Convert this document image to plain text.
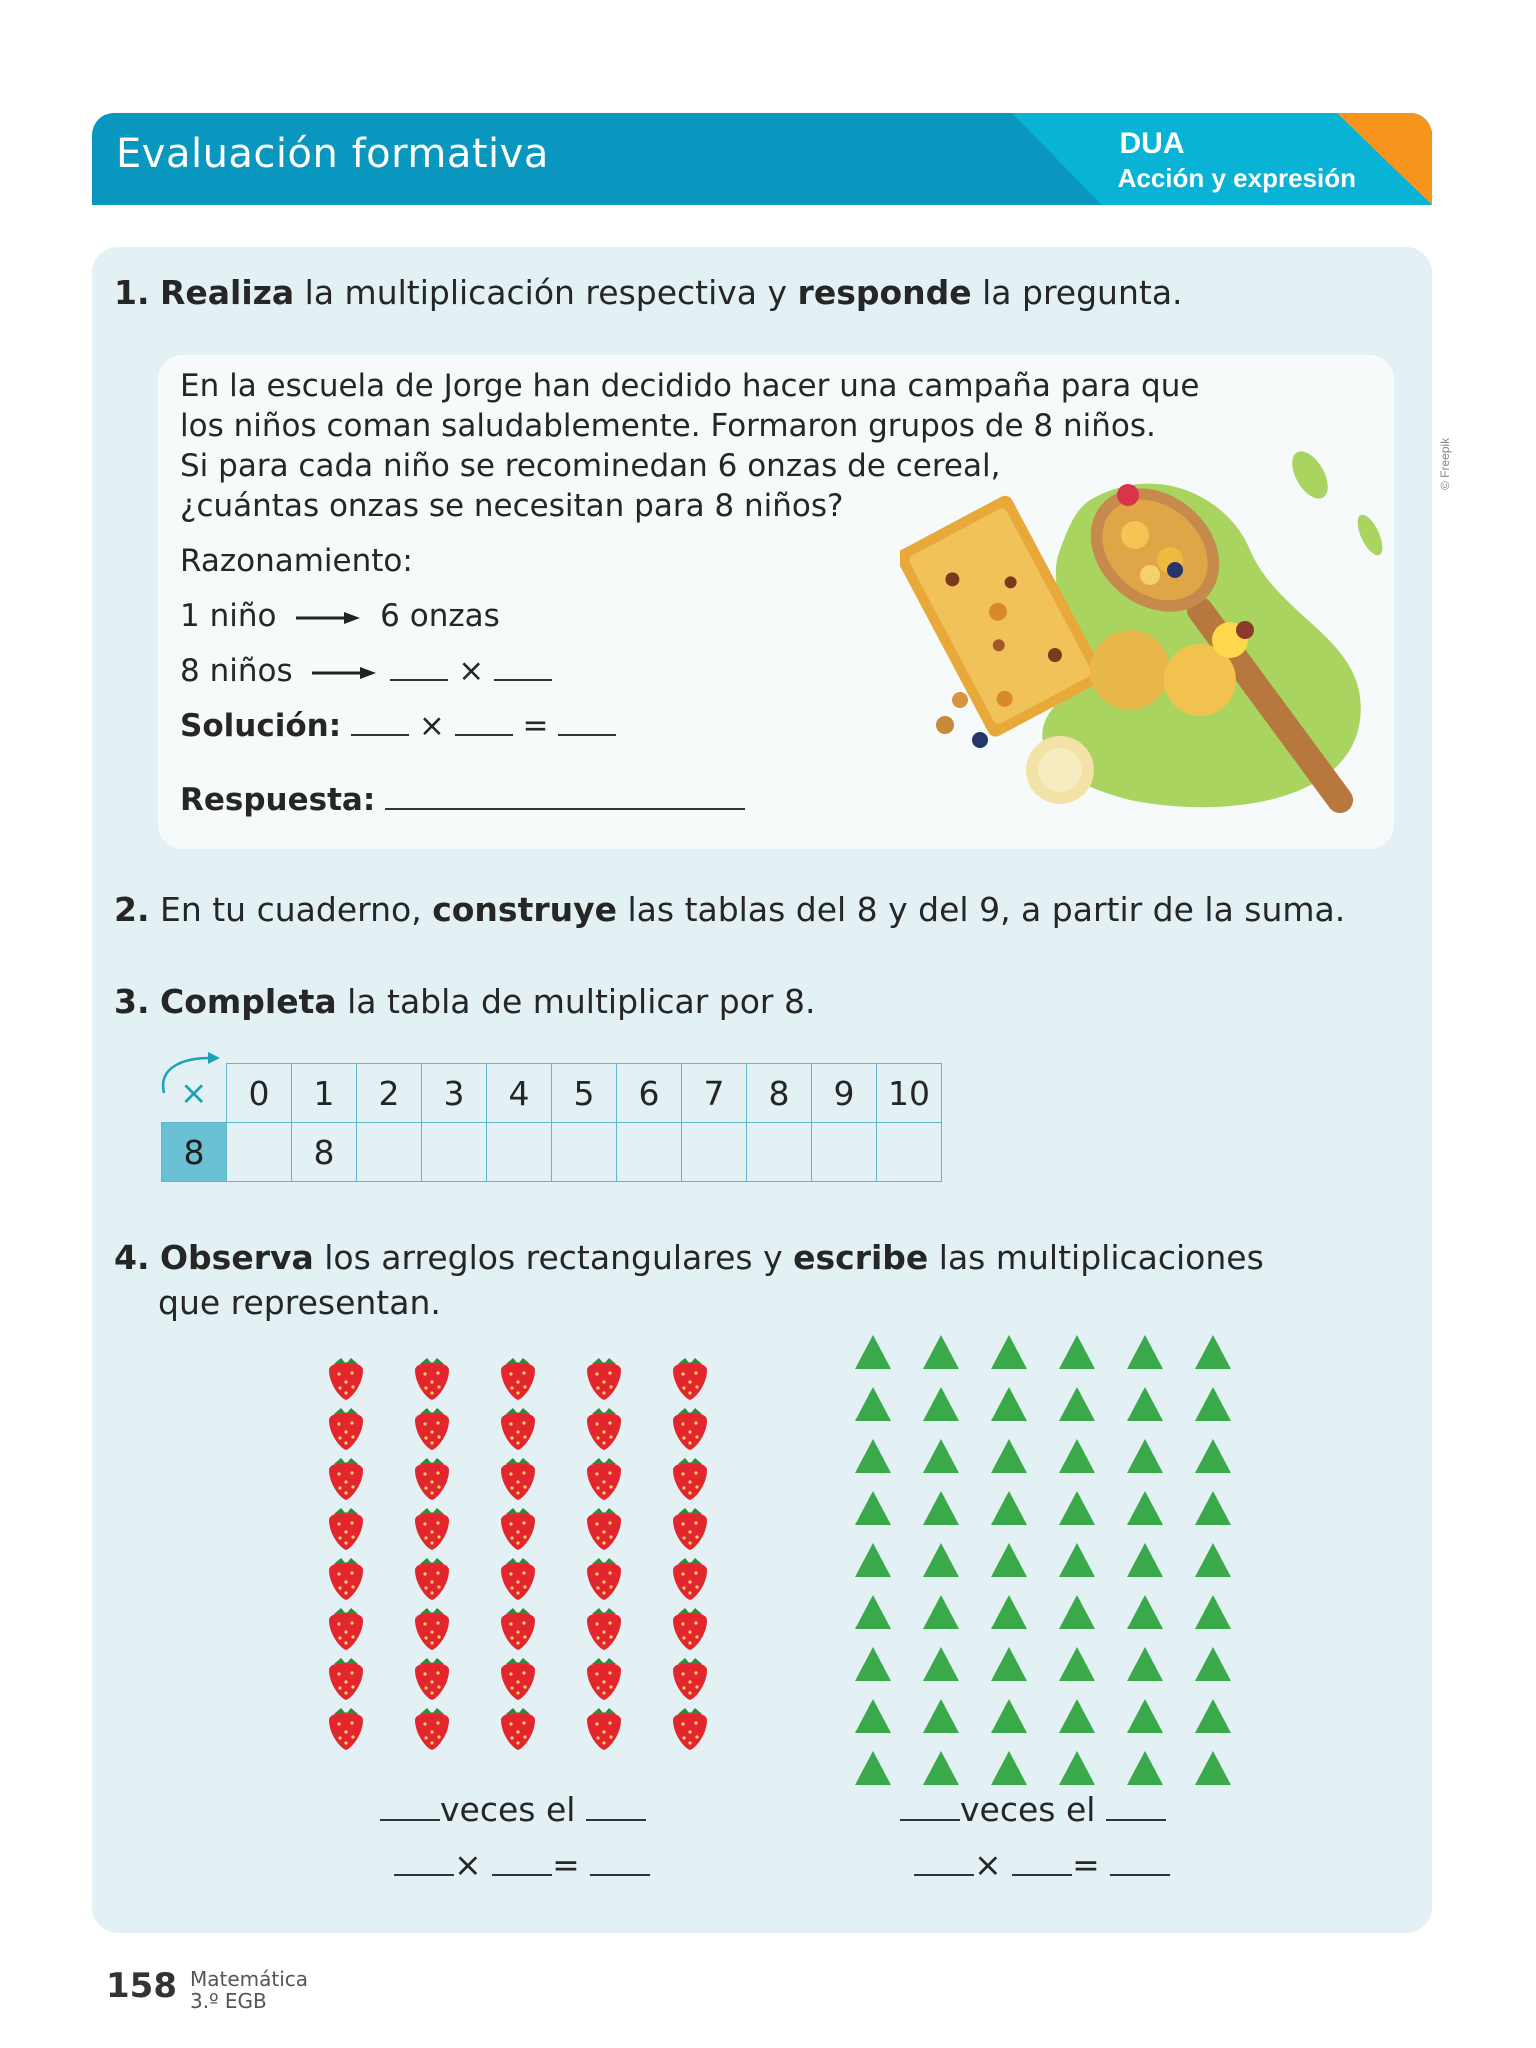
Evaluación formativa	DUA
Acción y expresión
© Freepik
1. Realiza la multiplicación respectiva y responde la pregunta.
En la escuela de Jorge han decidido hacer una campaña para que
los niños coman saludablemente. Formaron grupos de 8 niños.
Si para cada niño se recominedan 6 onzas de cereal,
¿cuántas onzas se necesitan para 8 niños?
Razonamiento:
1 niño	6 onzas
8 niños	×
Solución:	×	=
Respuesta:
2. En tu cuaderno, construye las tablas del 8 y del 9, a partir de la suma.
3. Completa la tabla de multiplicar por 8.
×	0	1	2	3	4	5	6	7	8	9	10
8		8									
4. Observa los arreglos rectangulares y escribe las multiplicaciones
que representan.
veces el
× =
veces el
× =
158 Matemática
3.º EGB
